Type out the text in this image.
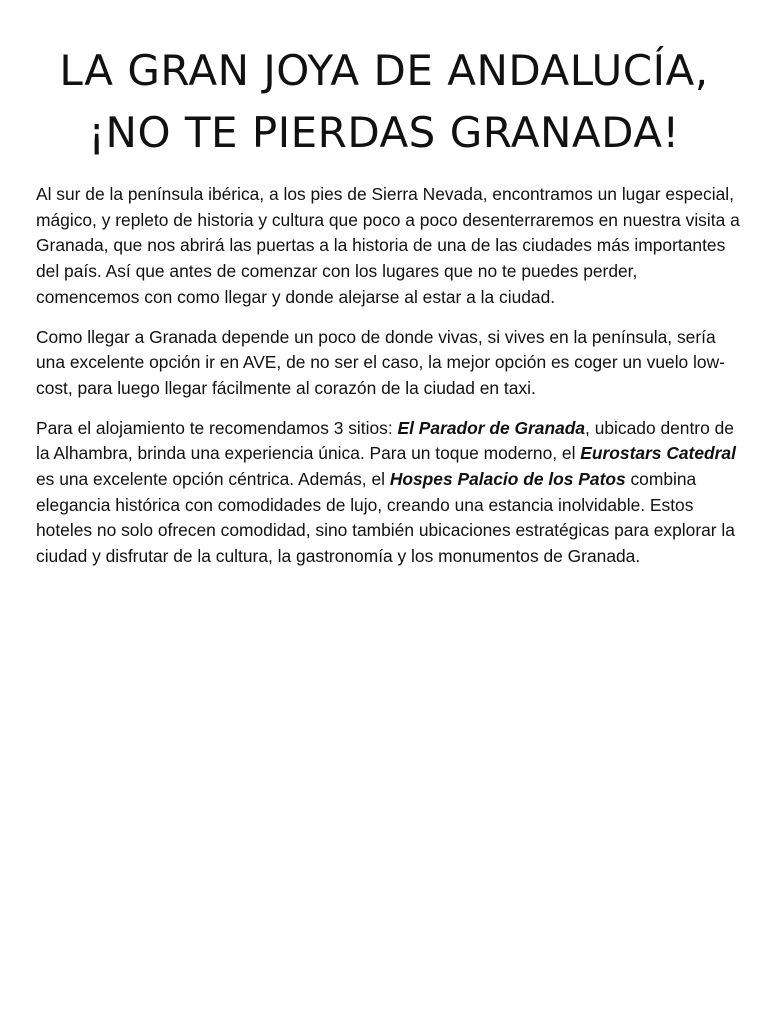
LA GRAN JOYA DE ANDALUCÍA,
¡NO TE PIERDAS GRANADA!

Al sur de la península ibérica, a los pies de Sierra Nevada, encontramos un lugar especial, mágico, y repleto de historia y cultura que poco a poco desenterraremos en nuestra visita a Granada, que nos abrirá las puertas a la historia de una de las ciudades más importantes del país. Así que antes de comenzar con los lugares que no te puedes perder, comencemos con como llegar y donde alejarse al estar a la ciudad.

Como llegar a Granada depende un poco de donde vivas, si vives en la península, sería una excelente opción ir en AVE, de no ser el caso, la mejor opción es coger un vuelo low-cost, para luego llegar fácilmente al corazón de la ciudad en taxi.

Para el alojamiento te recomendamos 3 sitios: El Parador de Granada, ubicado dentro de la Alhambra, brinda una experiencia única. Para un toque moderno, el Eurostars Catedral es una excelente opción céntrica. Además, el Hospes Palacio de los Patos combina elegancia histórica con comodidades de lujo, creando una estancia inolvidable. Estos hoteles no solo ofrecen comodidad, sino también ubicaciones estratégicas para explorar la ciudad y disfrutar de la cultura, la gastronomía y los monumentos de Granada.
